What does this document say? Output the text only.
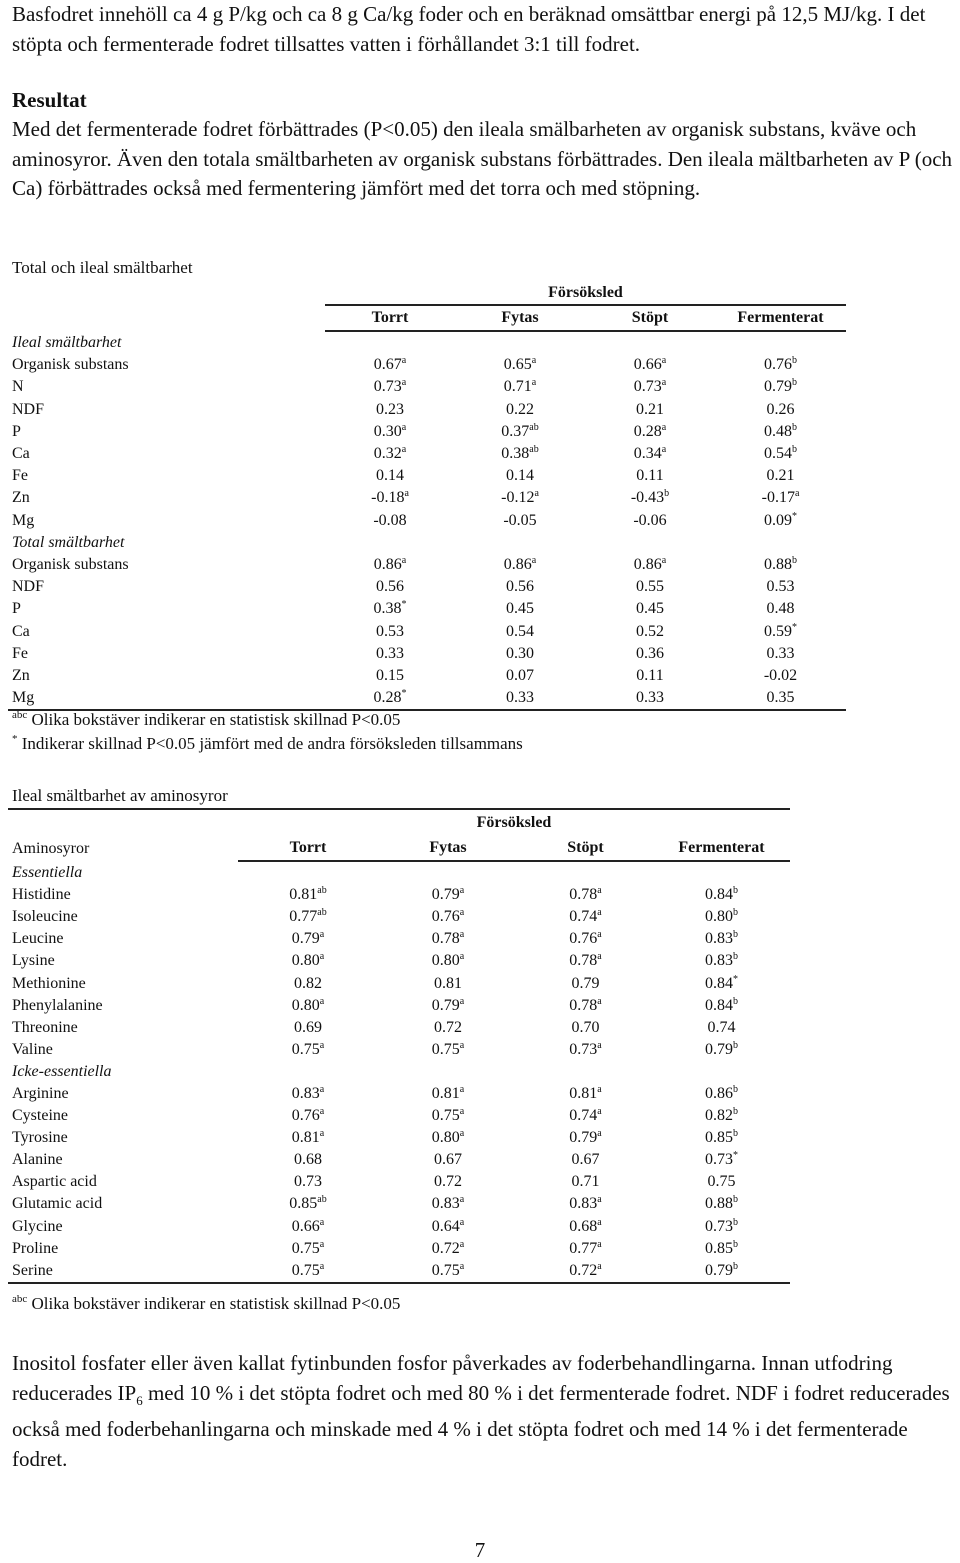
Basfodret innehöll ca 4 g P/kg och ca 8 g Ca/kg foder och en beräknad omsättbar energi på 12,5 MJ/kg. I det stöpta och fermenterade fodret tillsattes vatten i förhållandet 3:1 till fodret.

Resultat

Med det fermenterade fodret förbättrades (P<0.05) den ileala smälbarheten av organisk substans, kväve och aminosyror. Även den totala smältbarheten av organisk substans förbättrades. Den ileala mältbarheten av P (och Ca) förbättrades också med fermentering jämfört med det torra och med stöpning.

Total och ileal smältbarhet

	Försöksled			

	Torrt	Fytas	Stöpt	Fermenterat
Ileal smältbarhet				
Organisk substans	0.67$^a$	0.65$^a$	0.66$^a$	0.76$^b$
N	0.73$^a$	0.71$^a$	0.73$^a$	0.79$^b$
NDF	0.23	0.22	0.21	0.26
P	0.30$^a$	0.37$^{ab}$	0.28$^a$	0.48$^b$
Ca	0.32$^a$	0.38$^{ab}$	0.34$^a$	0.54$^b$
Fe	0.14	0.14	0.11	0.21
Zn	-0.18$^a$	-0.12$^a$	-0.43$^b$	-0.17$^a$
Mg	-0.08	-0.05	-0.06	0.09*
Total smältbarhet				
Organisk substans	0.86$^a$	0.86$^a$	0.86$^a$	0.88$^b$
NDF	0.56	0.56	0.55	0.53
P	0.38*	0.45	0.45	0.48
Ca	0.53	0.54	0.52	0.59*
Fe	0.33	0.30	0.36	0.33
Zn	0.15	0.07	0.11	-0.02
Mg	0.28*	0.33	0.33	0.35
$^{abc}$ Olika bokstäver indikerar en statistisk skillnad P<0.05
* Indikerar skillnad P<0.05 jämfört med de andra försöksleden tillsammans
Ileal smältbarhet av aminosyror
	Försöksled			
Aminosyror	Torrt	Fytas	Stöpt	Fermenterat
Essentiella				
Histidine	0.81$^{ab}$	0.79$^a$	0.78$^a$	0.84$^b$
Isoleucine	0.77$^{ab}$	0.76$^a$	0.74$^a$	0.80$^b$
Leucine	0.79$^a$	0.78$^a$	0.76$^a$	0.83$^b$
Lysine	0.80$^a$	0.80$^a$	0.78$^a$	0.83$^b$
Methionine	0.82	0.81	0.79	0.84*
Phenylalanine	0.80$^a$	0.79$^a$	0.78$^a$	0.84$^b$
Threonine	0.69	0.72	0.70	0.74
Valine	0.75$^a$	0.75$^a$	0.73$^a$	0.79$^b$
Icke-essentiella				
Arginine	0.83$^a$	0.81$^a$	0.81$^a$	0.86$^b$
Cysteine	0.76$^a$	0.75$^a$	0.74$^a$	0.82$^b$
Tyrosine	0.81$^a$	0.80$^a$	0.79$^a$	0.85$^b$
Alanine	0.68	0.67	0.67	0.73*
Aspartic acid	0.73	0.72	0.71	0.75
Glutamic acid	0.85$^{ab}$	0.83$^a$	0.83$^a$	0.88$^b$
Glycine	0.66$^a$	0.64$^a$	0.68$^a$	0.73$^b$
Proline	0.75$^a$	0.72$^a$	0.77$^a$	0.85$^b$
Serine	0.75$^a$	0.75$^a$	0.72$^a$	0.79$^b$
$^{abc}$ Olika bokstäver indikerar en statistisk skillnad P<0.05

Inositol fosfater eller även kallat fytinbunden fosfor påverkades av foderbehandlingarna. Innan utfodring reducerades $IP_6$ med 10 % i det stöpta fodret och med 80 % i det fermenterade fodret. NDF i fodret reducerades också med foderbehanlingarna och minskade med 4 % i det stöpta fodret och med 14 % i det fermenterade fodret.

7
